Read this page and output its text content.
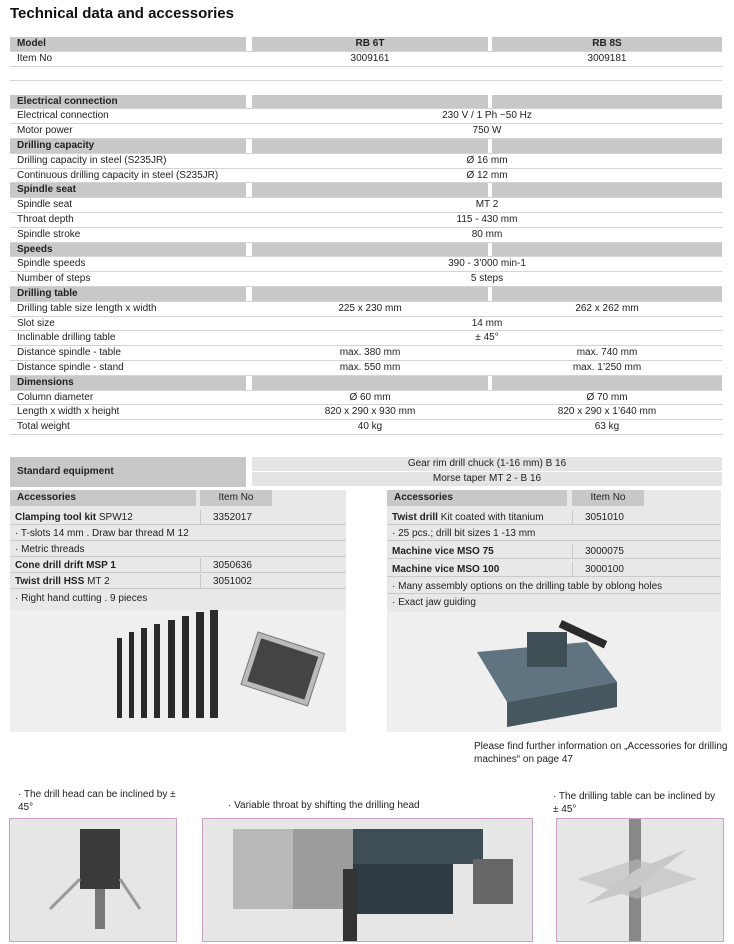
Technical data and accessories
Model	RB 6T	RB 8S
Item No	3009161	3009181
Electrical connection
Electrical connection	230 V / 1 Ph ~50 Hz
Motor power	750 W
Drilling capacity
Drilling capacity in steel (S235JR)	Ø 16 mm
Continuous drilling capacity in steel (S235JR)	Ø 12 mm
Spindle seat
Spindle seat	MT 2
Throat depth	115 - 430 mm
Spindle stroke	80 mm
Speeds
Spindle speeds	390 - 3’000 min-1
Number of steps	5 steps
Drilling table
Drilling table size length x width	225 x 230 mm	262 x 262 mm
Slot size	14 mm
Inclinable drilling table	± 45°
Distance spindle - table	max. 380 mm	max. 740 mm
Distance spindle - stand	max. 550 mm	max. 1’250 mm
Dimensions
Column diameter	Ø 60 mm	Ø 70 mm
Length x width x height	820 x 290 x 930 mm	820 x 290 x 1’640 mm
Total weight	40 kg	63 kg
Standard equipment
Gear rim drill chuck (1-16 mm) B 16
Morse taper MT 2 - B 16
Accessories	Item No
Clamping tool kit SPW12	3352017
· T-slots 14 mm . Draw bar thread M 12
· Metric threads
Cone drill drift MSP 1	3050636
Twist drill HSS MT 2	3051002
· Right hand cutting . 9 pieces
Accessories	Item No
Twist drill Kit coated with titanium	3051010
· 25 pcs.; drill bit sizes 1 -13 mm
Machine vice MSO 75	3000075
Machine vice MSO 100	3000100
· Many assembly options on the drilling table by oblong holes
· Exact jaw guiding
Please find further information on „Accessories for drilling machines“ on page 47
· The drill head can be inclined by ± 45°	· Variable throat by shifting the drilling head
· The drilling table can be inclined by ± 45°
